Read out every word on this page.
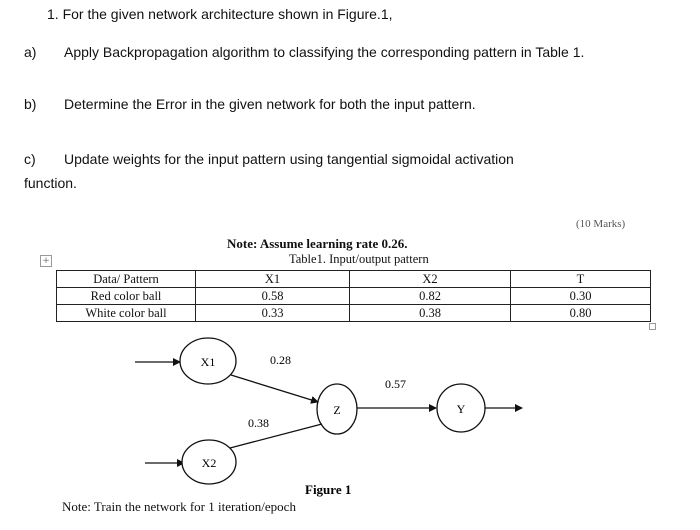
1. For the given network architecture shown in Figure.1,
a) Apply Backpropagation algorithm to classifying the corresponding pattern in Table 1.
b) Determine the Error in the given network for both the input pattern.
c) Update weights for the input pattern using tangential sigmoidal activation
function.
(10 Marks)
Note: Assume learning rate 0.26.
Table1. Input/output pattern
+
Data/ Pattern	X1	X2	T
Red color ball	0.58	0.82	0.30
White color ball	0.33	0.38	0.80
X1
X2
Z	Y
0.28
0.38
0.57
Figure 1
Note: Train the network for 1 iteration/epoch
